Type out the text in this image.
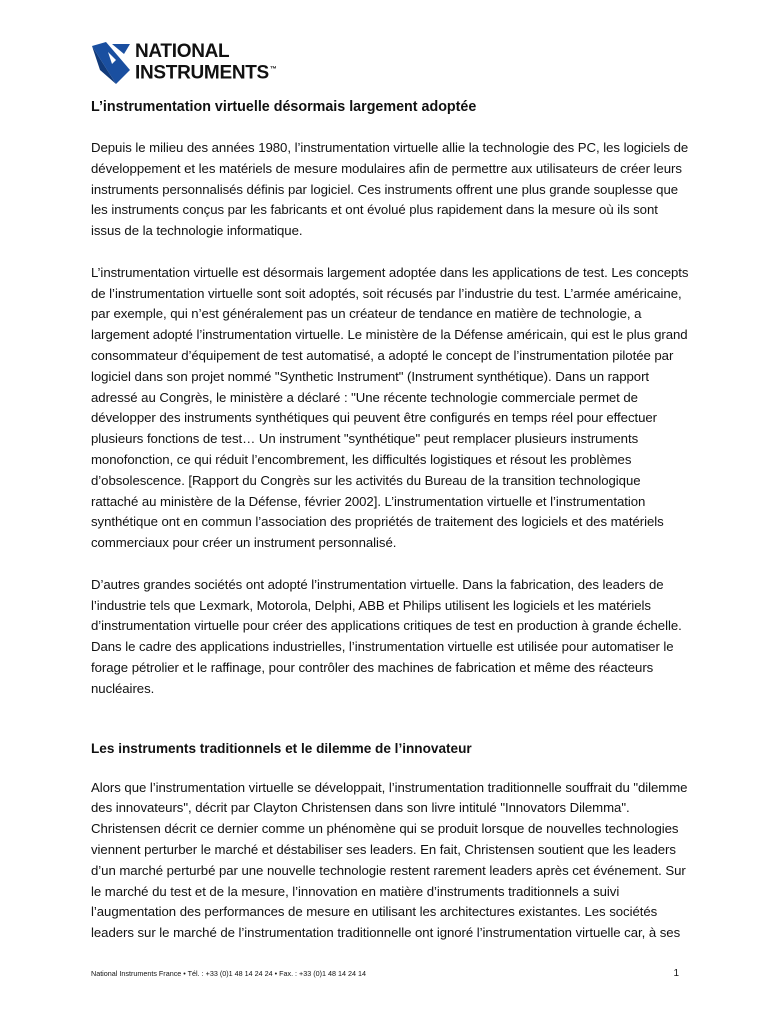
NATIONAL
INSTRUMENTS™
L’instrumentation virtuelle désormais largement adoptée

Depuis le milieu des années 1980, l’instrumentation virtuelle allie la technologie des PC, les logiciels de développement et les matériels de mesure modulaires afin de permettre aux utilisateurs de créer leurs instruments personnalisés définis par logiciel. Ces instruments offrent une plus grande souplesse que les instruments conçus par les fabricants et ont évolué plus rapidement dans la mesure où ils sont issus de la technologie informatique.

L’instrumentation virtuelle est désormais largement adoptée dans les applications de test. Les concepts de l’instrumentation virtuelle sont soit adoptés, soit récusés par l’industrie du test. L’armée américaine, par exemple, qui n’est généralement pas un créateur de tendance en matière de technologie, a largement adopté l’instrumentation virtuelle. Le ministère de la Défense américain, qui est le plus grand consommateur d’équipement de test automatisé, a adopté le concept de l’instrumentation pilotée par logiciel dans son projet nommé "Synthetic Instrument" (Instrument synthétique). Dans un rapport adressé au Congrès, le ministère a déclaré : "Une récente technologie commerciale permet de développer des instruments synthétiques qui peuvent être configurés en temps réel pour effectuer plusieurs fonctions de test… Un instrument "synthétique" peut remplacer plusieurs instruments monofonction, ce qui réduit l’encombrement, les difficultés logistiques et résout les problèmes d’obsolescence. [Rapport du Congrès sur les activités du Bureau de la transition technologique rattaché au ministère de la Défense, février 2002]. L’instrumentation virtuelle et l’instrumentation synthétique ont en commun l’association des propriétés de traitement des logiciels et des matériels commerciaux pour créer un instrument personnalisé.

D’autres grandes sociétés ont adopté l’instrumentation virtuelle. Dans la fabrication, des leaders de l’industrie tels que Lexmark, Motorola, Delphi, ABB et Philips utilisent les logiciels et les matériels d’instrumentation virtuelle pour créer des applications critiques de test en production à grande échelle. Dans le cadre des applications industrielles, l’instrumentation virtuelle est utilisée pour automatiser le forage pétrolier et le raffinage, pour contrôler des machines de fabrication et même des réacteurs nucléaires.

Les instruments traditionnels et le dilemme de l’innovateur

Alors que l’instrumentation virtuelle se développait, l’instrumentation traditionnelle souffrait du "dilemme des innovateurs", décrit par Clayton Christensen dans son livre intitulé "Innovators Dilemma". Christensen décrit ce dernier comme un phénomène qui se produit lorsque de nouvelles technologies viennent perturber le marché et déstabiliser ses leaders. En fait, Christensen soutient que les leaders d’un marché perturbé par une nouvelle technologie restent rarement leaders après cet événement. Sur le marché du test et de la mesure, l’innovation en matière d’instruments traditionnels a suivi l’augmentation des performances de mesure en utilisant les architectures existantes. Les sociétés leaders sur le marché de l’instrumentation traditionnelle ont ignoré l’instrumentation virtuelle car, à ses

National Instruments France • Tél. : +33 (0)1 48 14 24 24 • Fax. : +33 (0)1 48 14 24 14	1
